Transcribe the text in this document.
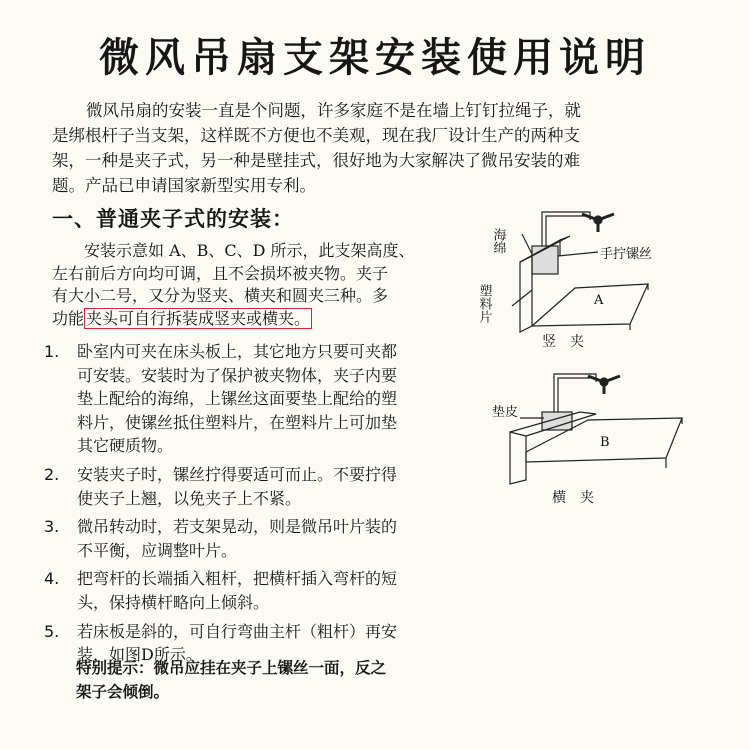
微风吊扇支架安装使用说明
微风吊扇的安装一直是个问题，许多家庭不是在墙上钉钉拉绳子，就
是绑根杆子当支架，这样既不方便也不美观，现在我厂设计生产的两种支
架，一种是夹子式，另一种是壁挂式，很好地为大家解决了微吊安装的难
题。产品已申请国家新型实用专利。
一、普通夹子式的安装：
安装示意如 A、B、C、D 所示，此支架高度、
左右前后方向均可调，且不会损坏被夹物。夹子
有大小二号，又分为竖夹、横夹和圆夹三种。多
功能 夹头可自行拆装成竖夹或横夹。
1. 卧室内可夹在床头板上，其它地方只要可夹都
可安装。安装时为了保护被夹物体，夹子内要
垫上配给的海绵，上镙丝这面要垫上配给的塑
料片，使镙丝抵住塑料片，在塑料片上可加垫
其它硬质物。
2. 安装夹子时，镙丝拧得要适可而止。不要拧得
使夹子上翘，以免夹子上不紧。
3. 微吊转动时，若支架晃动，则是微吊叶片装的
不平衡，应调整叶片。
4. 把弯杆的长端插入粗杆，把横杆插入弯杆的短
头，保持横杆略向上倾斜。
5. 若床板是斜的，可自行弯曲主杆（粗杆）再安
装，如图D所示。
特别提示：微吊应挂在夹子上镙丝一面，反之
架子会倾倒。
海绵
手拧镙丝
塑料片	A
竖　夹
垫皮
B
横　夹
